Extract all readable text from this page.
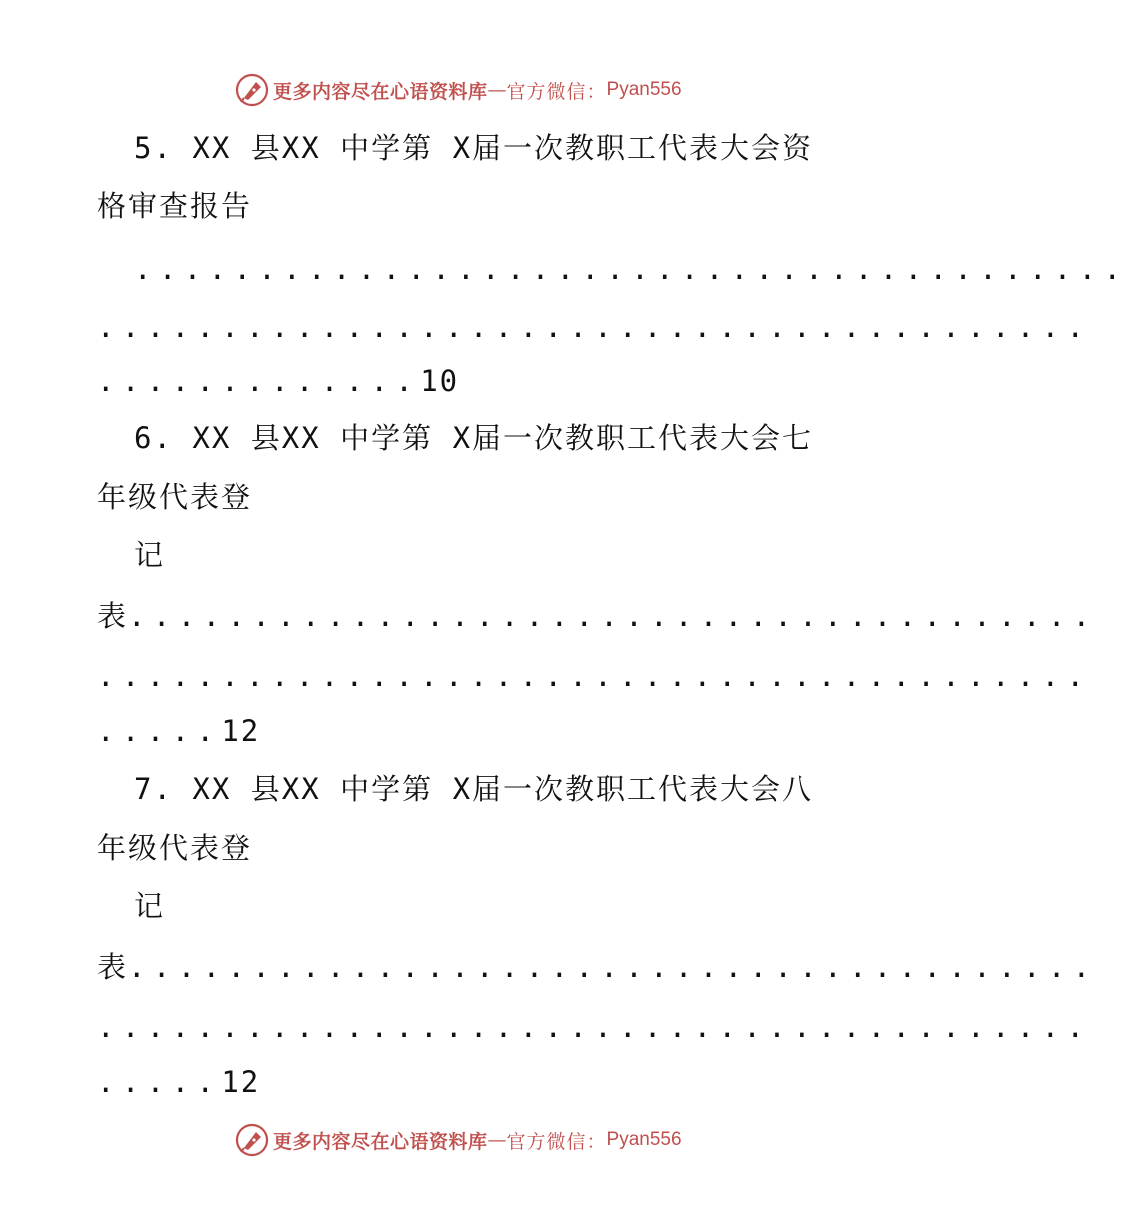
更多内容尽在心语资料库 — 官方微信： Pyan556
5. XX 县XX 中学第 X届一次教职工代表大会资
格审查报告
........................................
........................................
.............10
6. XX 县XX 中学第 X届一次教职工代表大会七
年级代表登
记
表.......................................
........................................
.....12
7. XX 县XX 中学第 X届一次教职工代表大会八
年级代表登
记
表.......................................
........................................
.....12
更多内容尽在心语资料库 — 官方微信： Pyan556
